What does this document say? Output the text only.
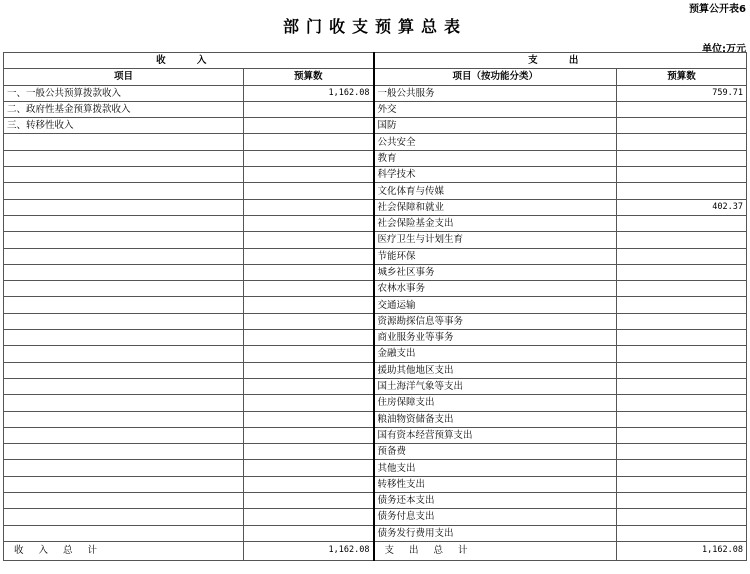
预算公开表6
部门收支预算总表
单位:万元
收 入		支 出	
项目	预算数	项目（按功能分类）	预算数
一、一般公共预算拨款收入	1,162.08	一般公共服务	759.71
二、政府性基金预算拨款收入		外交	
三、转移性收入		国防	
		公共安全	
		教育	
		科学技术	
		文化体育与传媒	
		社会保障和就业	402.37
		社会保险基金支出	
		医疗卫生与计划生育	
		节能环保	
		城乡社区事务	
		农林水事务	
		交通运输	
		资源勘探信息等事务	
		商业服务业等事务	
		金融支出	
		援助其他地区支出	
		国土海洋气象等支出	
		住房保障支出	
		粮油物资储备支出	
		国有资本经营预算支出	
		预备费	
		其他支出	
		转移性支出	
		债务还本支出	
		债务付息支出	
		债务发行费用支出	
收 入 总 计	1,162.08	支 出 总 计	1,162.08
